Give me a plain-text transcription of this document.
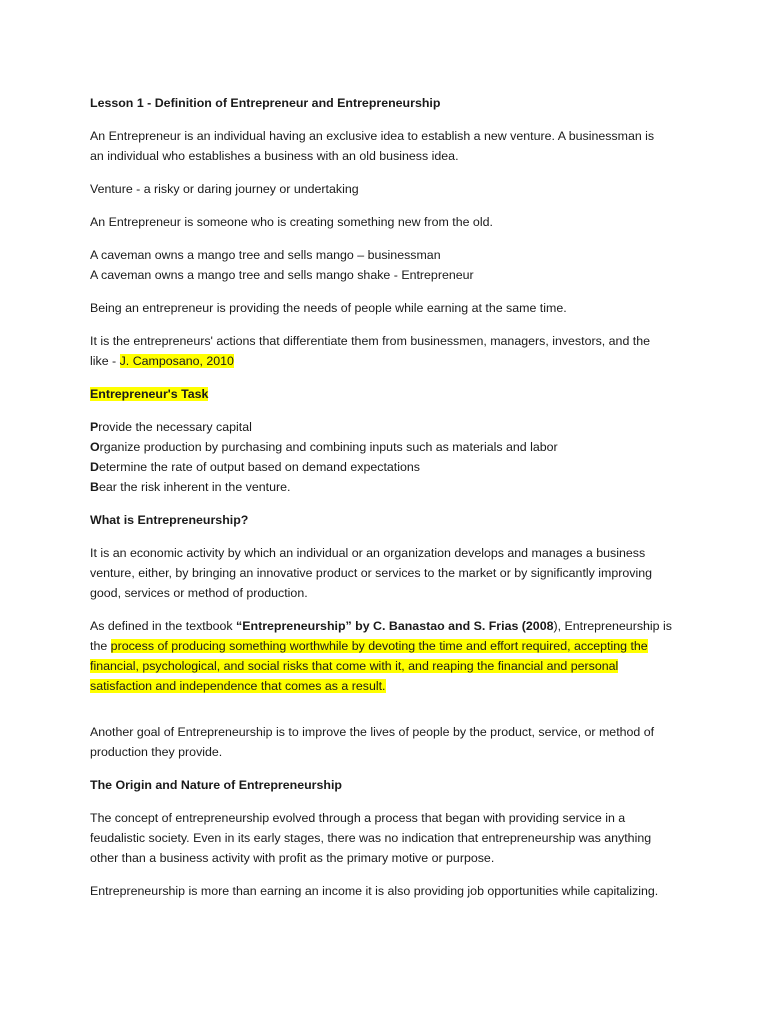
Lesson 1 - Definition of Entrepreneur and Entrepreneurship
An Entrepreneur is an individual having an exclusive idea to establish a new venture. A businessman is
an individual who establishes a business with an old business idea.
Venture - a risky or daring journey or undertaking
An Entrepreneur is someone who is creating something new from the old.
A caveman owns a mango tree and sells mango – businessman
A caveman owns a mango tree and sells mango shake - Entrepreneur
Being an entrepreneur is providing the needs of people while earning at the same time.
It is the entrepreneurs' actions that differentiate them from businessmen, managers, investors, and the
like - J. Camposano, 2010
Entrepreneur's Task
Provide the necessary capital
Organize production by purchasing and combining inputs such as materials and labor
Determine the rate of output based on demand expectations
Bear the risk inherent in the venture.
What is Entrepreneurship?
It is an economic activity by which an individual or an organization develops and manages a business
venture, either, by bringing an innovative product or services to the market or by significantly improving
good, services or method of production.
As defined in the textbook “Entrepreneurship” by C. Banastao and S. Frias (2008), Entrepreneurship is
the process of producing something worthwhile by devoting the time and effort required, accepting the
financial, psychological, and social risks that come with it, and reaping the financial and personal
satisfaction and independence that comes as a result.
Another goal of Entrepreneurship is to improve the lives of people by the product, service, or method of
production they provide.
The Origin and Nature of Entrepreneurship
The concept of entrepreneurship evolved through a process that began with providing service in a
feudalistic society. Even in its early stages, there was no indication that entrepreneurship was anything
other than a business activity with profit as the primary motive or purpose.
Entrepreneurship is more than earning an income it is also providing job opportunities while capitalizing.
